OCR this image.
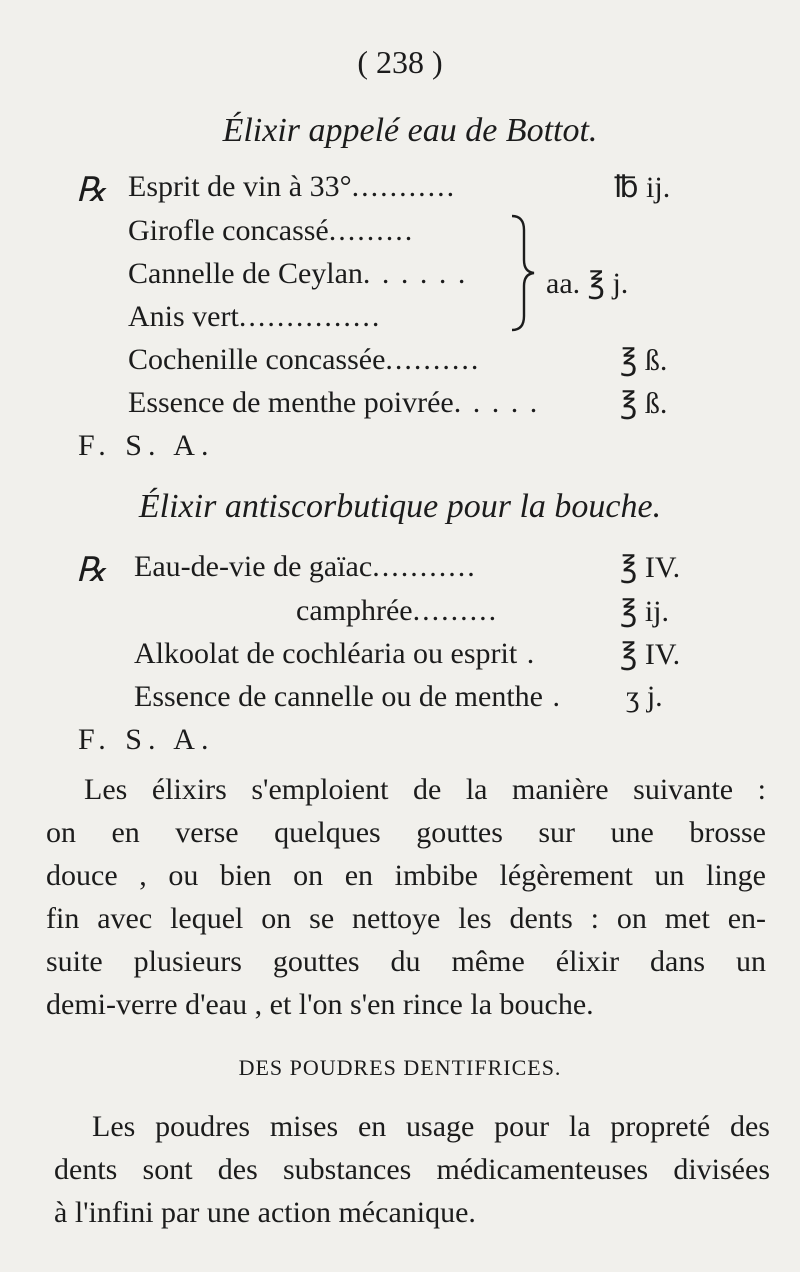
( 238 )
Élixir appelé eau de Bottot.
℞ Esprit de vin à 33°...........	℔ ij.
Girofle concassé.........
Cannelle de Ceylan. . . . . .
Anis vert...............
aa. ℥ j.
Cochenille concassée..........	℥ ß.
Essence de menthe poivrée. . . . .	℥ ß.
F. S. A.
Élixir antiscorbutique pour la bouche.
℞ Eau-de-vie de gaïac...........	℥ IV.
camphrée.........	℥ ij.
Alkoolat de cochléaria ou esprit .	℥ IV.
Essence de cannelle ou de menthe . ʒ j.
F. S. A.
Les élixirs s'emploient de la manière suivante :
on en verse quelques gouttes sur une brosse
douce , ou bien on en imbibe légèrement un linge
fin avec lequel on se nettoye les dents : on met en-
suite plusieurs gouttes du même élixir dans un
demi-verre d'eau , et l'on s'en rince la bouche.
DES POUDRES DENTIFRICES.
Les poudres mises en usage pour la propreté des
dents sont des substances médicamenteuses divisées
à l'infini par une action mécanique.
